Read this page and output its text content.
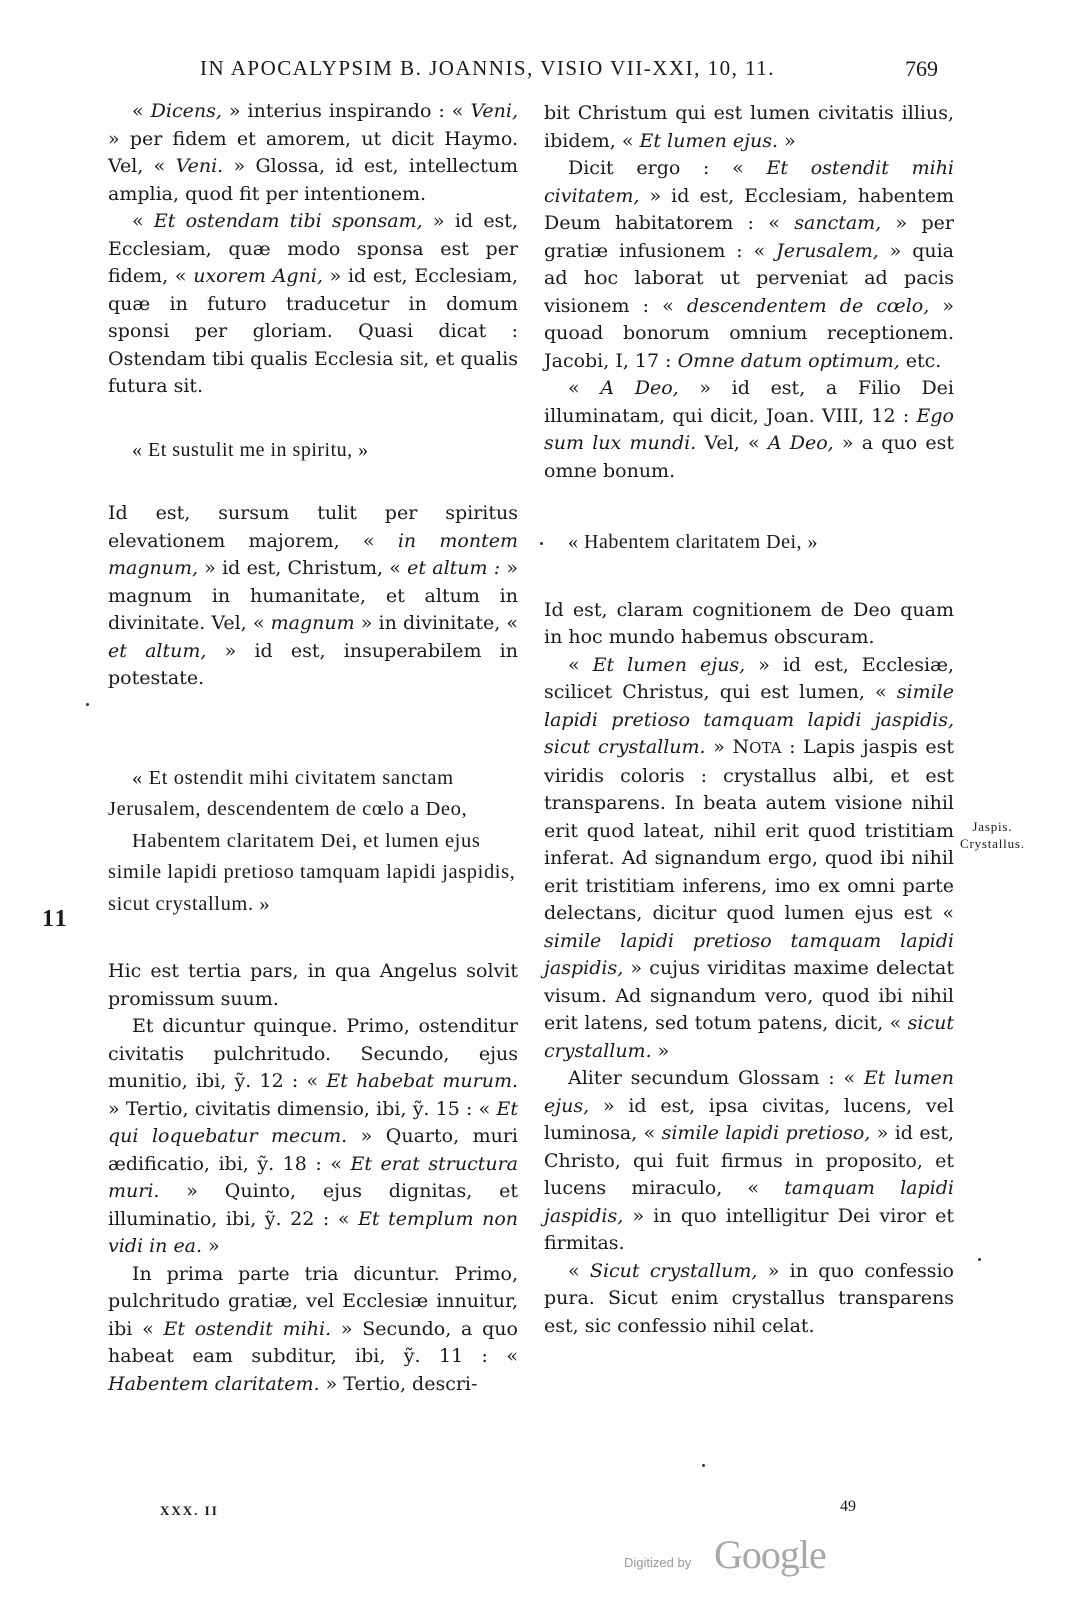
IN APOCALYPSIM B. JOANNIS, VISIO VII-XXI, 10, 11.	769

« Dicens, » interius inspirando : « Veni, » per fidem et amorem, ut dicit Haymo. Vel, « Veni. » Glossa, id est, intellectum amplia, quod fit per intentionem.

« Et ostendam tibi sponsam, » id est, Ecclesiam, quæ modo sponsa est per fidem, « uxorem Agni, » id est, Ecclesiam, quæ in futuro traducetur in domum sponsi per gloriam. Quasi dicat : Ostendam tibi qualis Ecclesia sit, et qualis futura sit.

« Et sustulit me in spiritu, »

Id est, sursum tulit per spiritus elevationem majorem, « in montem magnum, » id est, Christum, « et altum : » magnum in humanitate, et altum in divinitate. Vel, « magnum » in divinitate, « et altum, » id est, insuperabilem in potestate.

« Et ostendit mihi civitatem sanctam Jerusalem, descendentem de cœlo a Deo,
Habentem claritatem Dei, et lumen ejus simile lapidi pretioso tamquam lapidi jaspidis, sicut crystallum. »

Hic est tertia pars, in qua Angelus solvit promissum suum.

Et dicuntur quinque. Primo, ostenditur civitatis pulchritudo. Secundo, ejus munitio, ibi, ỹ. 12 : « Et habebat murum. » Tertio, civitatis dimensio, ibi, ỹ. 15 : « Et qui loquebatur mecum. » Quarto, muri ædificatio, ibi, ỹ. 18 : « Et erat structura muri. » Quinto, ejus dignitas, et illuminatio, ibi, ỹ. 22 : « Et templum non vidi in ea. »

In prima parte tria dicuntur. Primo, pulchritudo gratiæ, vel Ecclesiæ innuitur, ibi « Et ostendit mihi. » Secundo, a quo habeat eam subditur, ibi, ỹ. 11 : « Habentem claritatem. » Tertio, descri-

bit Christum qui est lumen civitatis illius, ibidem, « Et lumen ejus. »

Dicit ergo : « Et ostendit mihi civitatem, » id est, Ecclesiam, habentem Deum habitatorem : « sanctam, » per gratiæ infusionem : « Jerusalem, » quia ad hoc laborat ut perveniat ad pacis visionem : « descendentem de cœlo, » quoad bonorum omnium receptionem. Jacobi, I, 17 : Omne datum optimum, etc.

« A Deo, » id est, a Filio Dei illuminatam, qui dicit, Joan. VIII, 12 : Ego sum lux mundi. Vel, « A Deo, » a quo est omne bonum.

« Habentem claritatem Dei, »

Id est, claram cognitionem de Deo quam in hoc mundo habemus obscuram.

« Et lumen ejus, » id est, Ecclesiæ, scilicet Christus, qui est lumen, « simile lapidi pretioso tamquam lapidi jaspidis, sicut crystallum. » NOTA : Lapis jaspis est viridis coloris : crystallus albi, et est transparens. In beata autem visione nihil erit quod lateat, nihil erit quod tristitiam inferat. Ad signandum ergo, quod ibi nihil erit tristitiam inferens, imo ex omni parte delectans, dicitur quod lumen ejus est « simile lapidi pretioso tamquam lapidi jaspidis, » cujus viriditas maxime delectat visum. Ad signandum vero, quod ibi nihil erit latens, sed totum patens, dicit, « sicut crystallum. »

Aliter secundum Glossam : « Et lumen ejus, » id est, ipsa civitas, lucens, vel luminosa, « simile lapidi pretioso, » id est, Christo, qui fuit firmus in proposito, et lucens miraculo, « tamquam lapidi jaspidis, » in quo intelligitur Dei viror et firmitas.

« Sicut crystallum, » in quo confessio pura. Sicut enim crystallus transparens est, sic confessio nihil celat.

11
Jaspis.
Crystallus.
XXX. II	49
Digitized by Google
